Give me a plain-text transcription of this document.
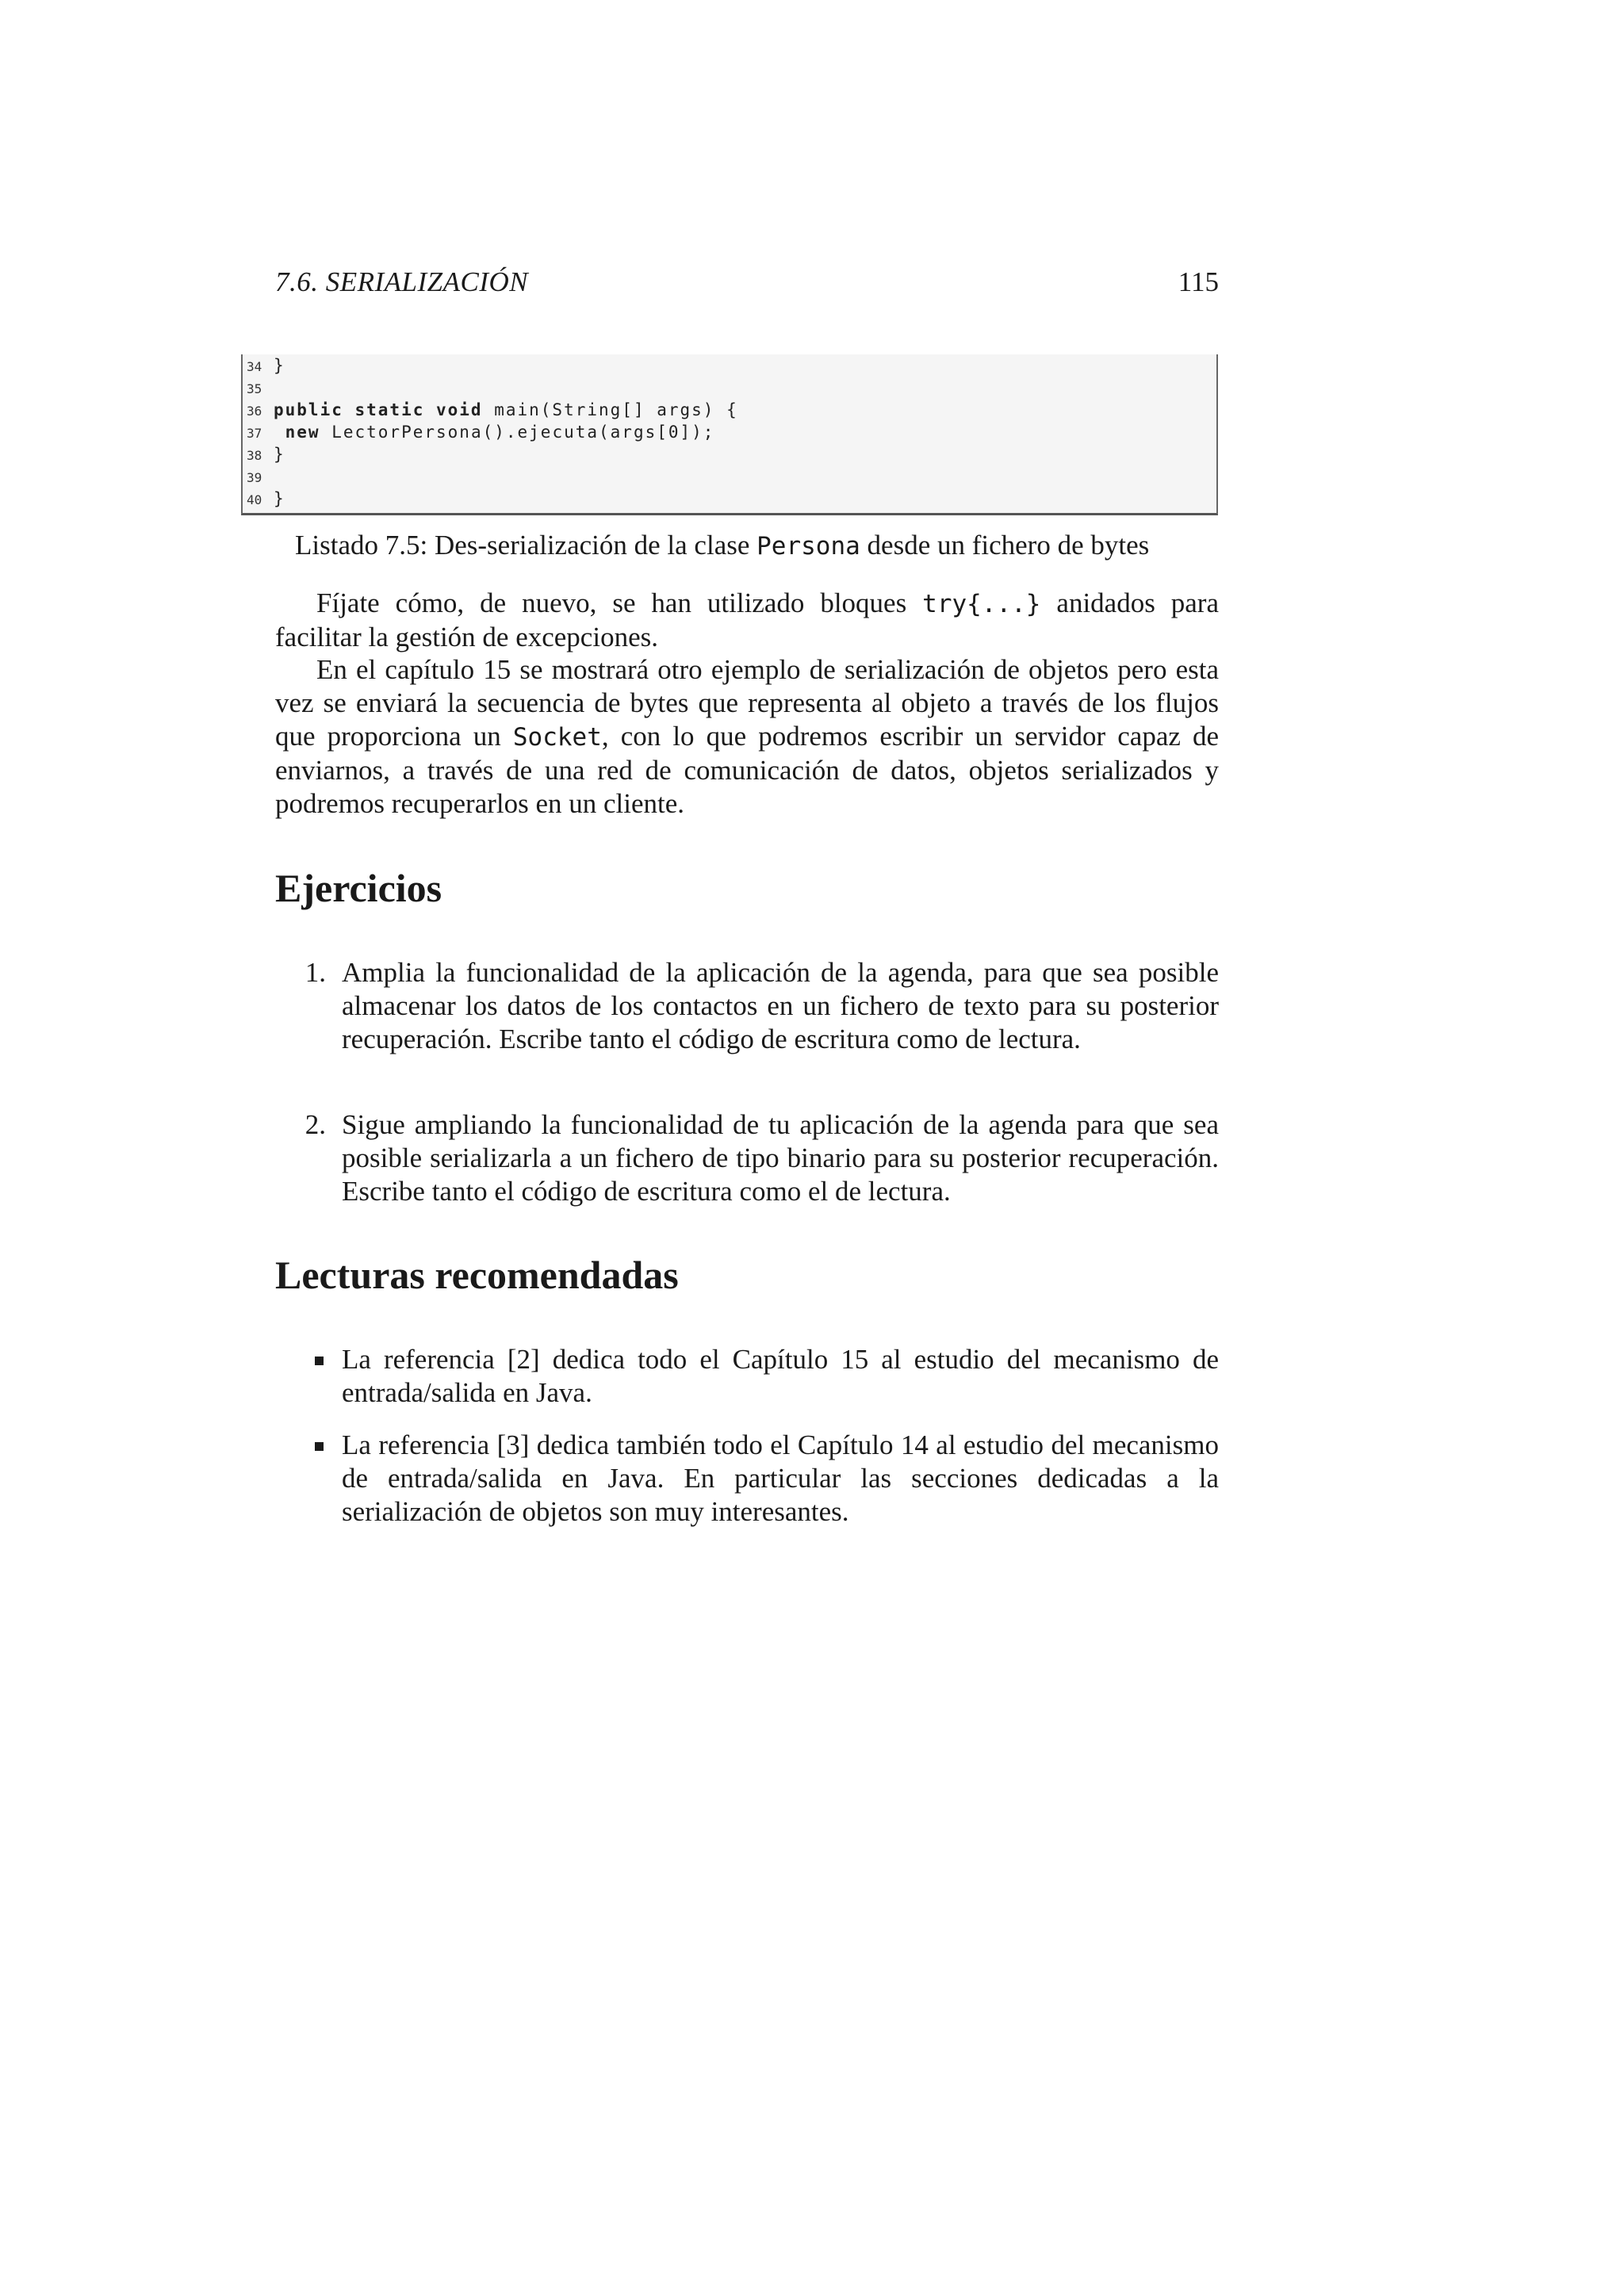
7.6. SERIALIZACIÓN	115
34 }
35
36 public static void main(String[] args) {
37 new LectorPersona().ejecuta(args[0]);
38 }
39
40 }
Listado 7.5: Des-serialización de la clase Persona desde un fichero de bytes
Fíjate cómo, de nuevo, se han utilizado bloques try{...} anidados para facilitar la gestión de excepciones.
En el capítulo 15 se mostrará otro ejemplo de serialización de objetos pero esta vez se enviará la secuencia de bytes que representa al objeto a través de los flujos que proporciona un Socket, con lo que podremos escribir un servidor capaz de enviarnos, a través de una red de comunicación de datos, objetos serializados y podremos recuperarlos en un cliente.
Ejercicios
1. Amplia la funcionalidad de la aplicación de la agenda, para que sea posible almacenar los datos de los contactos en un fichero de texto para su posterior recuperación. Escribe tanto el código de escritura como de lectura.
2. Sigue ampliando la funcionalidad de tu aplicación de la agenda para que sea posible serializarla a un fichero de tipo binario para su posterior recuperación. Escribe tanto el código de escritura como el de lectura.
Lecturas recomendadas
La referencia [2] dedica todo el Capítulo 15 al estudio del mecanismo de entrada/salida en Java.
La referencia [3] dedica también todo el Capítulo 14 al estudio del mecanismo de entrada/salida en Java. En particular las secciones dedicadas a la serialización de objetos son muy interesantes.
